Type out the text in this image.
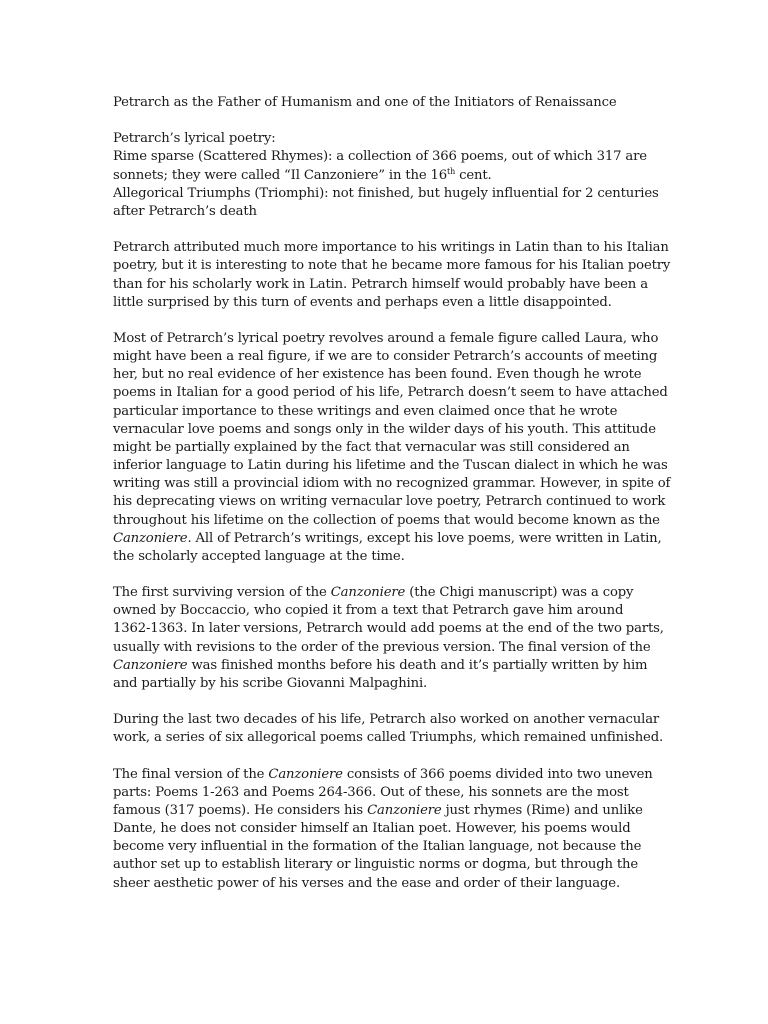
Petrarch as the Father of Humanism and one of the Initiators of Renaissance

Petrarch’s lyrical poetry:
Rime sparse (Scattered Rhymes): a collection of 366 poems, out of which 317 are
sonnets; they were called “Il Canzoniere” in the 16th cent.
Allegorical Triumphs (Triomphi): not finished, but hugely influential for 2 centuries
after Petrarch’s death

Petrarch attributed much more importance to his writings in Latin than to his Italian
poetry, but it is interesting to note that he became more famous for his Italian poetry
than for his scholarly work in Latin. Petrarch himself would probably have been a
little surprised by this turn of events and perhaps even a little disappointed.

Most of Petrarch’s lyrical poetry revolves around a female figure called Laura, who
might have been a real figure, if we are to consider Petrarch’s accounts of meeting
her, but no real evidence of her existence has been found. Even though he wrote
poems in Italian for a good period of his life, Petrarch doesn’t seem to have attached
particular importance to these writings and even claimed once that he wrote
vernacular love poems and songs only in the wilder days of his youth. This attitude
might be partially explained by the fact that vernacular was still considered an
inferior language to Latin during his lifetime and the Tuscan dialect in which he was
writing was still a provincial idiom with no recognized grammar. However, in spite of
his deprecating views on writing vernacular love poetry, Petrarch continued to work
throughout his lifetime on the collection of poems that would become known as the
Canzoniere. All of Petrarch’s writings, except his love poems, were written in Latin,
the scholarly accepted language at the time.

The first surviving version of the Canzoniere (the Chigi manuscript) was a copy
owned by Boccaccio, who copied it from a text that Petrarch gave him around
1362-1363. In later versions, Petrarch would add poems at the end of the two parts,
usually with revisions to the order of the previous version. The final version of the
Canzoniere was finished months before his death and it’s partially written by him
and partially by his scribe Giovanni Malpaghini.

During the last two decades of his life, Petrarch also worked on another vernacular
work, a series of six allegorical poems called Triumphs, which remained unfinished.

The final version of the Canzoniere consists of 366 poems divided into two uneven
parts: Poems 1-263 and Poems 264-366. Out of these, his sonnets are the most
famous (317 poems). He considers his Canzoniere just rhymes (Rime) and unlike
Dante, he does not consider himself an Italian poet. However, his poems would
become very influential in the formation of the Italian language, not because the
author set up to establish literary or linguistic norms or dogma, but through the
sheer aesthetic power of his verses and the ease and order of their language.
